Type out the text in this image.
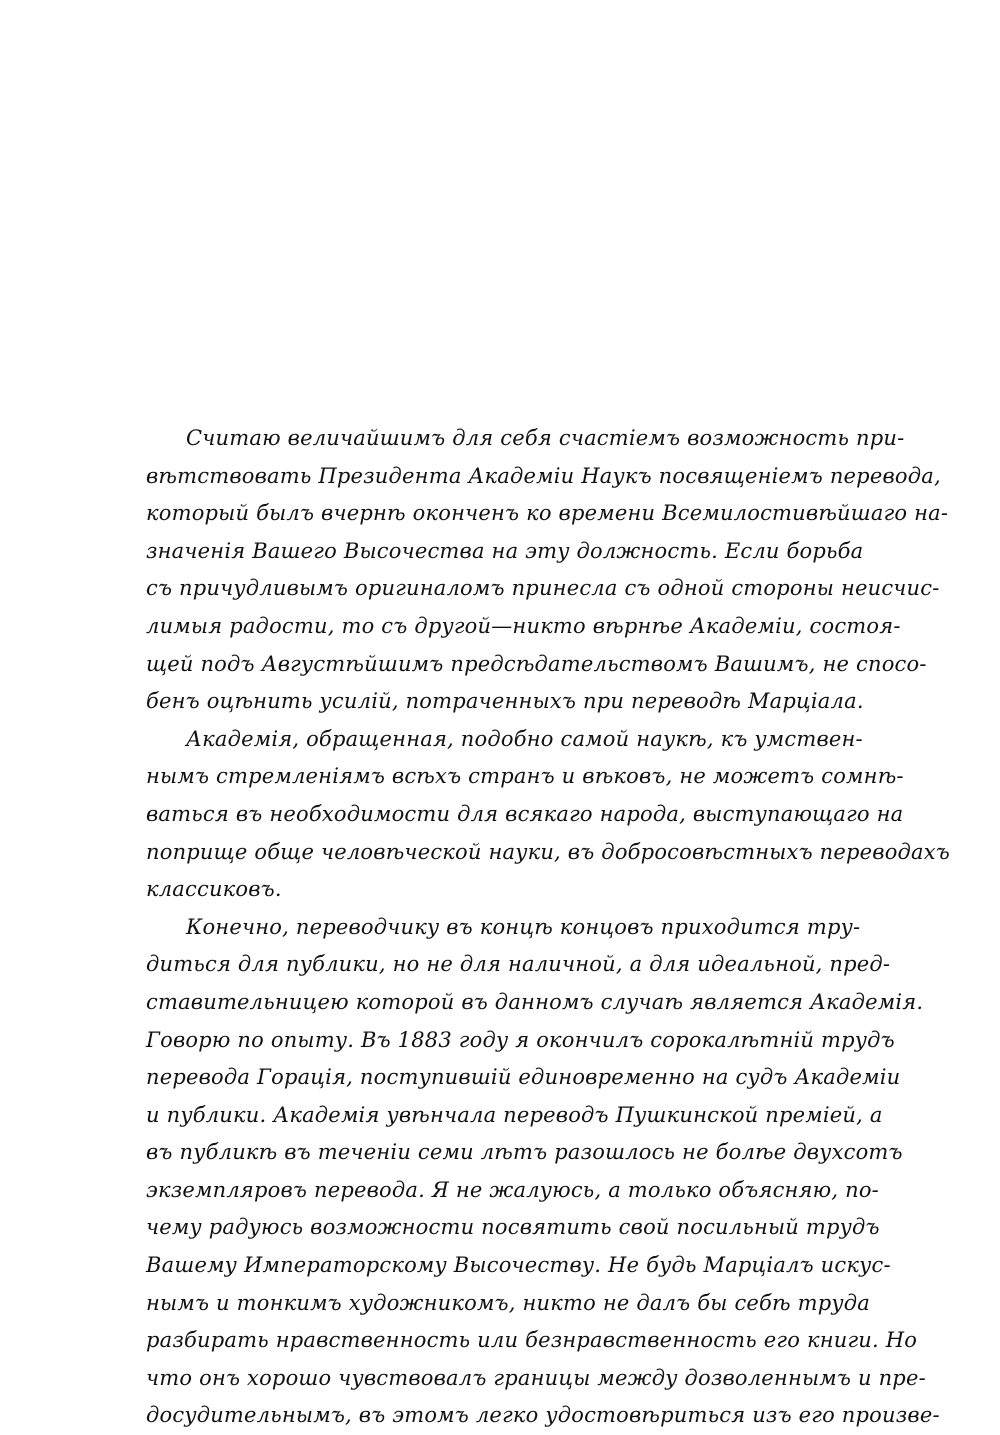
Считаю величайшимъ для себя счастіемъ возможность при-
вѣтствовать Президента Академіи Наукъ посвященіемъ перевода,
который былъ вчернѣ оконченъ ко времени Всемилостивѣйшаго на-
значенія Вашего Высочества на эту должность. Если борьба
съ причудливымъ оригиналомъ принесла съ одной стороны неисчис-
лимыя радости, то съ другой—никто вѣрнѣе Академіи, состоя-
щей подъ Августѣйшимъ предсѣдательствомъ Вашимъ, не спосо-
бенъ оцѣнить усилій, потраченныхъ при переводѣ Марціала.
Академія, обращенная, подобно самой наукѣ, къ умствен-
нымъ стремленіямъ всѣхъ странъ и вѣковъ, не можетъ сомнѣ-
ваться въ необходимости для всякаго народа, выступающаго на
поприще обще человѣческой науки, въ добросовѣстныхъ переводахъ
классиковъ.
Конечно, переводчику въ концѣ концовъ приходится тру-
диться для публики, но не для наличной, а для идеальной, пред-
ставительницею которой въ данномъ случаѣ является Академія.
Говорю по опыту. Въ 1883 году я окончилъ сорокалѣтній трудъ
перевода Горація, поступившій единовременно на судъ Академіи
и публики. Академія увѣнчала переводъ Пушкинской преміей, а
въ публикѣ въ теченіи семи лѣтъ разошлось не болѣе двухсотъ
экземпляровъ перевода. Я не жалуюсь, а только объясняю, по-
чему радуюсь возможности посвятить свой посильный трудъ
Вашему Императорскому Высочеству. Не будь Марціалъ искус-
нымъ и тонкимъ художникомъ, никто не далъ бы себѣ труда
разбирать нравственность или безнравственность его книги. Но
что онъ хорошо чувствовалъ границы между дозволеннымъ и пре-
досудительнымъ, въ этомъ легко удостовѣриться изъ его произве-
